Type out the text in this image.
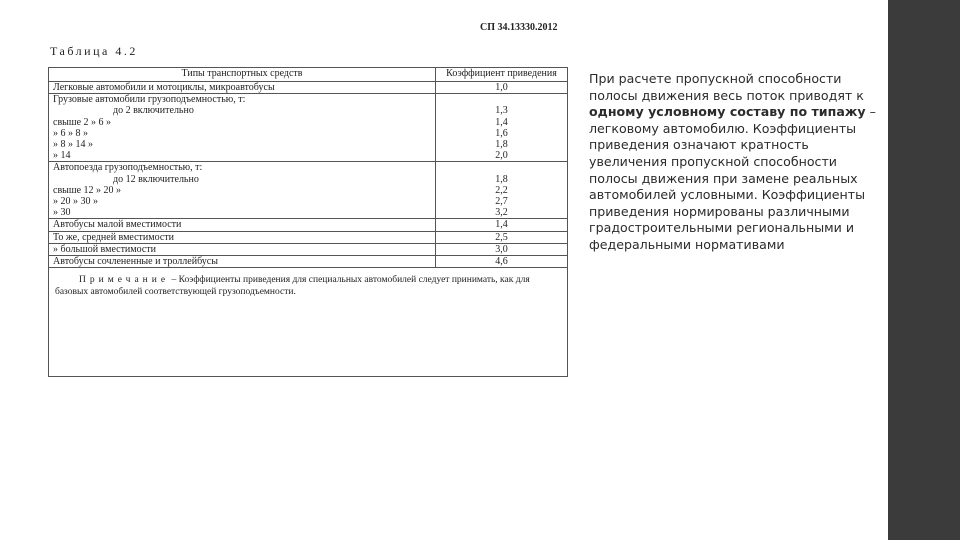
СП 34.13330.2012
Таблица 4.2
Типы транспортных средств	Коэффициент приведения
Легковые автомобили и мотоциклы, микроавтобусы	1,0
Грузовые автомобили грузоподъемностью, т:	
до 2 включительно	1,3
свыше 2 » 6 »	1,4
» 6 » 8 »	1,6
» 8 » 14 »	1,8
» 14	2,0
Автопоезда грузоподъемностью, т:	
до 12 включительно	1,8
свыше 12 » 20 »	2,2
» 20 » 30 »	2,7
» 30	3,2
Автобусы малой вместимости	1,4
То же, средней вместимости	2,5
» большой вместимости	3,0
Автобусы сочлененные и троллейбусы	4,6
Примечание – Коэффициенты приведения для специальных автомобилей следует принимать, как для базовых автомобилей соответствующей грузоподъемности.
При расчете пропускной способности полосы движения весь поток приводят к одному условному составу по типажу – легковому автомобилю. Коэффициенты приведения означают кратность увеличения пропускной способности полосы движения при замене реальных автомобилей условными. Коэффициенты приведения нормированы различными градостроительными региональными и федеральными нормативами
